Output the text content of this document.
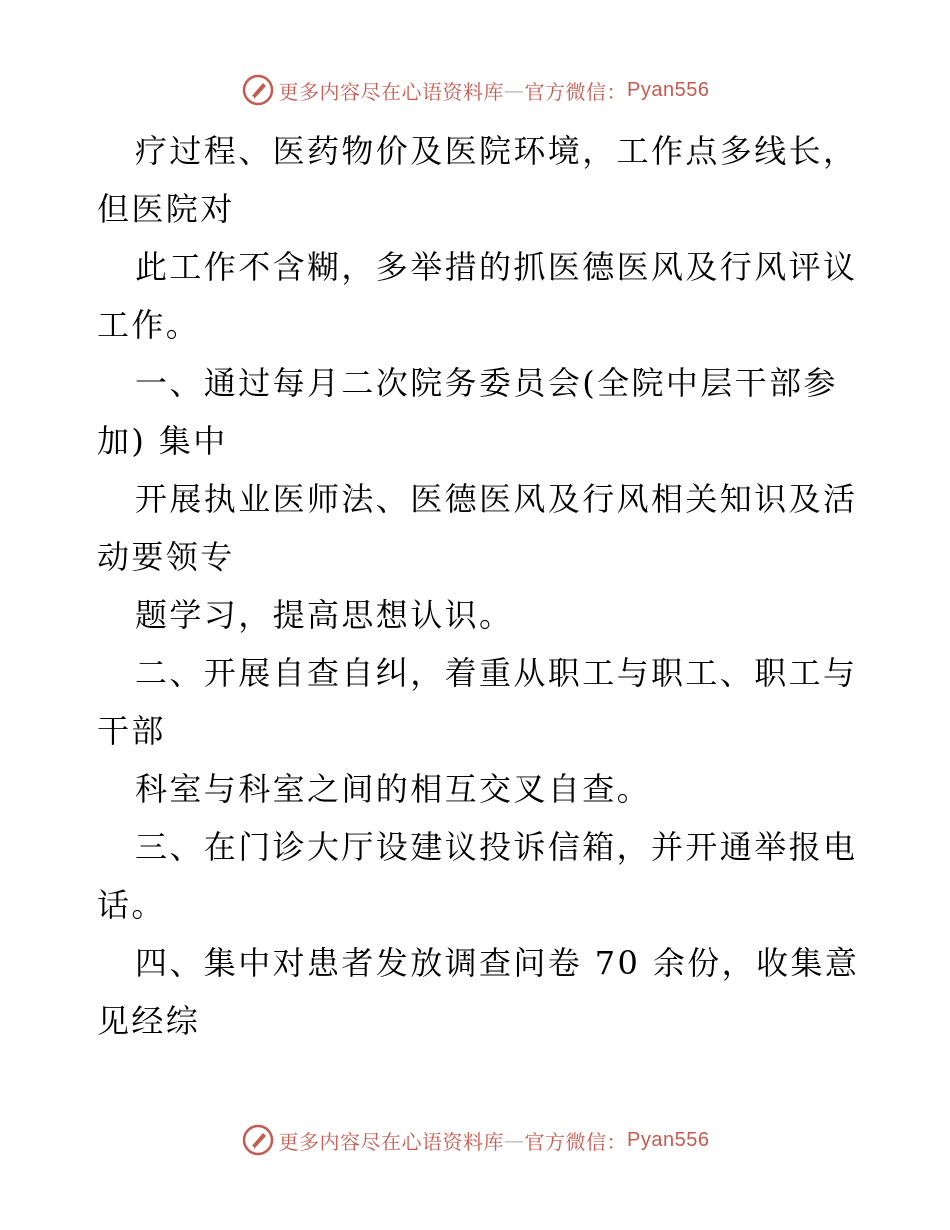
更多内容尽在心语资料库 — 官方微信： Pyan556

疗过程、医药物价及医院环境，工作点多线长，
但医院对

此工作不含糊，多举措的抓医德医风及行风评议
工作。

一、通过每月二次院务委员会(全院中层干部参
加) 集中

开展执业医师法、医德医风及行风相关知识及活
动要领专

题学习，提高思想认识。

二、开展自查自纠，着重从职工与职工、职工与
干部

科室与科室之间的相互交叉自查。

三、在门诊大厅设建议投诉信箱，并开通举报电
话。

四、集中对患者发放调查问卷 70 余份，收集意
见经综

更多内容尽在心语资料库 — 官方微信： Pyan556
